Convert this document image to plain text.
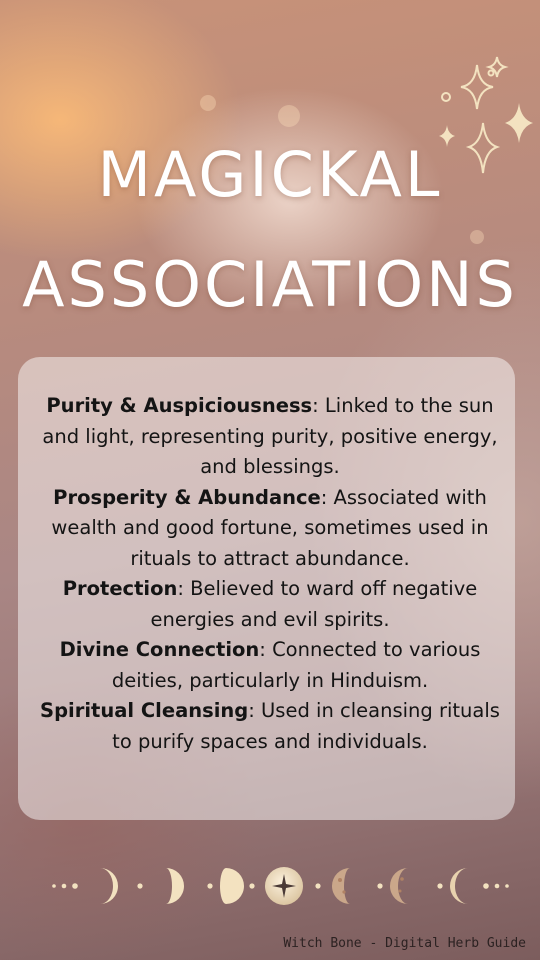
MAGICKAL
ASSOCIATIONS
Purity & Auspiciousness: Linked to the sun and light, representing purity, positive energy, and blessings.
Prosperity & Abundance: Associated with wealth and good fortune, sometimes used in rituals to attract abundance.
Protection: Believed to ward off negative energies and evil spirits.
Divine Connection: Connected to various deities, particularly in Hinduism.
Spiritual Cleansing: Used in cleansing rituals to purify spaces and individuals.
Witch Bone - Digital Herb Guide
